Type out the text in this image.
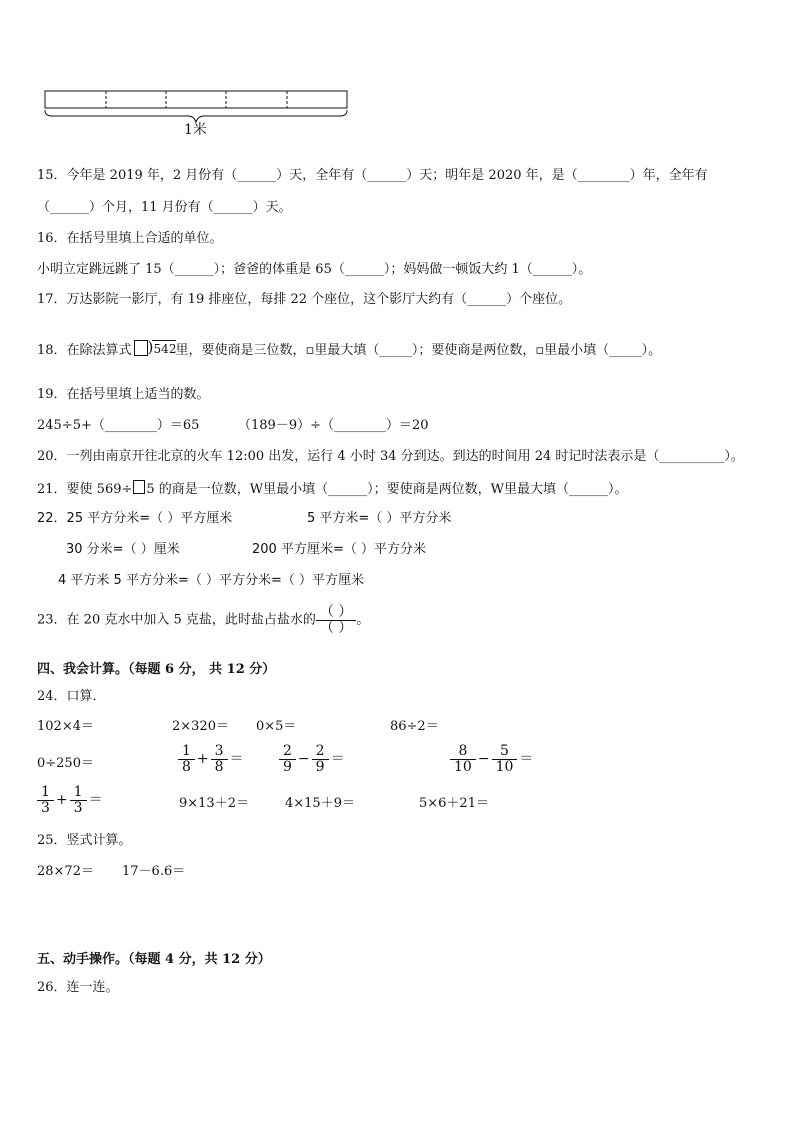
1米
15．今年是 2019 年，2 月份有（______）天，全年有（______）天；明年是 2020 年，是（________）年，全年有
（______）个月，11 月份有（______）天。
16．在括号里填上合适的单位。
小明立定跳远跳了 15（______）；爸爸的体重是 65（______）；妈妈做一顿饭大约 1（______）。
17．万达影院一影厅，有 19 排座位，每排 22 个座位，这个影厅大约有（______）个座位。
18．在除法算式 ) 542 里，要使商是三位数，▫里最大填（_____）；要使商是两位数，▫里最小填（_____）。
19．在括号里填上适当的数。
245÷5+（________）＝65	（189－9）÷（________）＝20
20．一列由南京开往北京的火车 12:00 出发，运行 4 小时 34 分到达。到达的时间用 24 时记时法表示是（__________）。
21．要使 569÷ 5 的商是一位数，W里最小填（______）；要使商是两位数，W里最大填（______）。
22．25 平方分米=（ ）平方厘米	5 平方米=（ ）平方分米
30 分米=（ ）厘米	200 平方厘米=（ ）平方分米
4 平方米 5 平方分米=（ ）平方分米=（ ）平方厘米
23．在 20 克水中加入 5 克盐，此时盐占盐水的 $\frac{( )}{( )}$ 。
四、我会计算。（每题 6 分， 共 12 分）
24．口算．
102×4＝	2×320＝ 0×5＝	86÷2＝
0÷250＝	$\frac{1}{8} + \frac{3}{8}$ ＝	$\frac{2}{9} - \frac{2}{9}$ ＝	$\frac{8}{10} - \frac{5}{10}$ ＝
$\frac{1}{3} + \frac{1}{3}$ ＝	9×13＋2＝	4×15＋9＝	5×6＋21＝
25．竖式计算。
28×72＝ 17－6.6＝
五、动手操作。（每题 4 分，共 12 分）
26．连一连。
